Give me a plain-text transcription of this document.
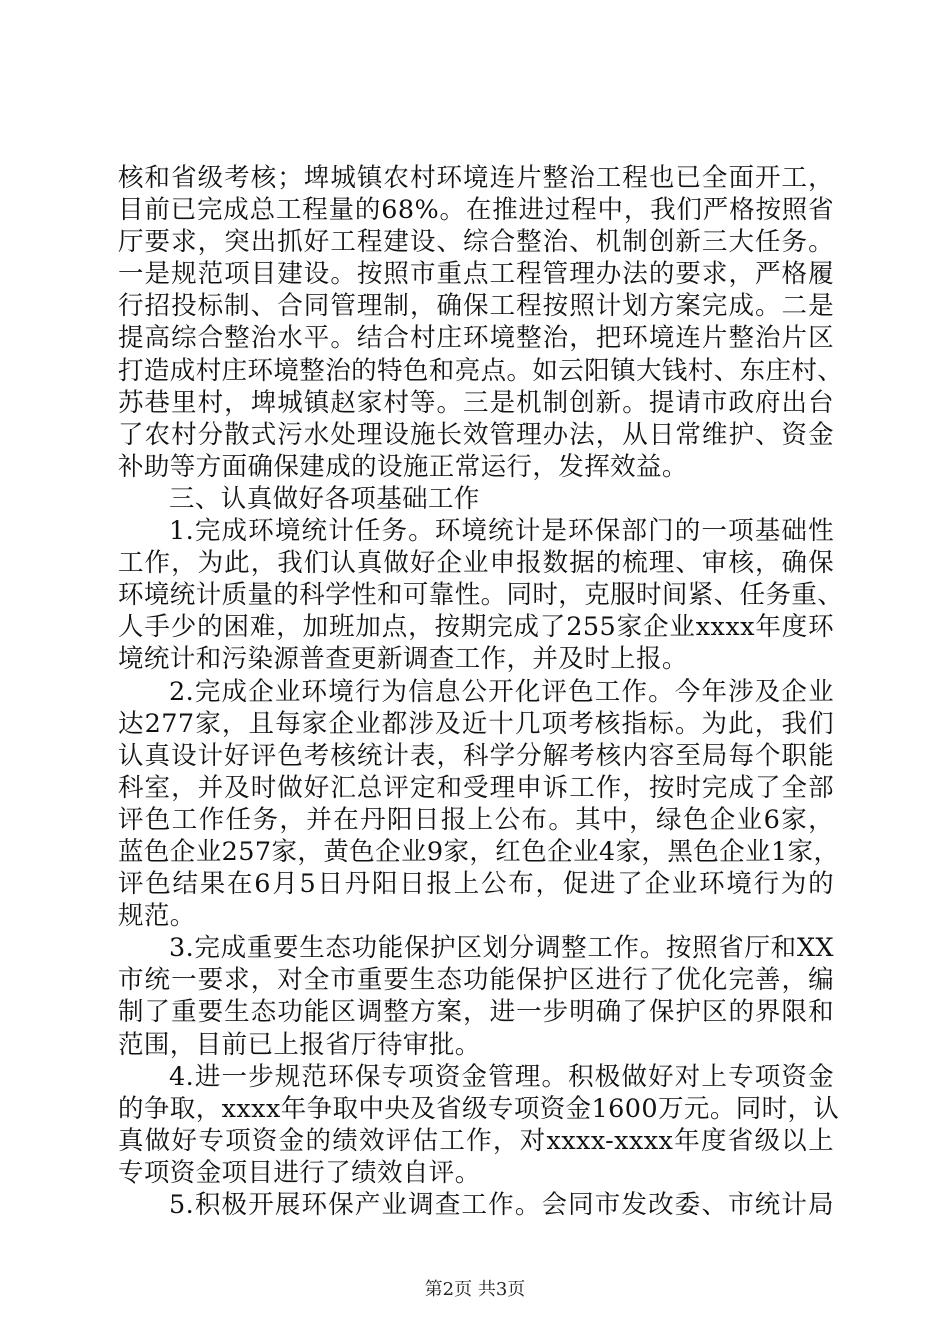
核和省级考核；埤城镇农村环境连片整治工程也已全面开工，
目前已完成总工程量的68%。在推进过程中，我们严格按照省
厅要求，突出抓好工程建设、综合整治、机制创新三大任务。
一是规范项目建设。按照市重点工程管理办法的要求，严格履
行招投标制、合同管理制，确保工程按照计划方案完成。二是
提高综合整治水平。结合村庄环境整治，把环境连片整治片区
打造成村庄环境整治的特色和亮点。如云阳镇大钱村、东庄村、
苏巷里村，埤城镇赵家村等。三是机制创新。提请市政府出台
了农村分散式污水处理设施长效管理办法，从日常维护、资金
补助等方面确保建成的设施正常运行，发挥效益。
三、认真做好各项基础工作
1.完成环境统计任务。环境统计是环保部门的一项基础性
工作，为此，我们认真做好企业申报数据的梳理、审核，确保
环境统计质量的科学性和可靠性。同时，克服时间紧、任务重、
人手少的困难，加班加点，按期完成了255家企业xxxx年度环
境统计和污染源普查更新调查工作，并及时上报。
2.完成企业环境行为信息公开化评色工作。今年涉及企业
达277家，且每家企业都涉及近十几项考核指标。为此，我们
认真设计好评色考核统计表，科学分解考核内容至局每个职能
科室，并及时做好汇总评定和受理申诉工作，按时完成了全部
评色工作任务，并在丹阳日报上公布。其中，绿色企业6家，
蓝色企业257家，黄色企业9家，红色企业4家，黑色企业1家，
评色结果在6月5日丹阳日报上公布，促进了企业环境行为的
规范。
3.完成重要生态功能保护区划分调整工作。按照省厅和XX
市统一要求，对全市重要生态功能保护区进行了优化完善，编
制了重要生态功能区调整方案，进一步明确了保护区的界限和
范围，目前已上报省厅待审批。
4.进一步规范环保专项资金管理。积极做好对上专项资金
的争取，xxxx年争取中央及省级专项资金1600万元。同时，认
真做好专项资金的绩效评估工作，对xxxx-xxxx年度省级以上
专项资金项目进行了绩效自评。
5.积极开展环保产业调查工作。会同市发改委、市统计局
第2页 共3页
